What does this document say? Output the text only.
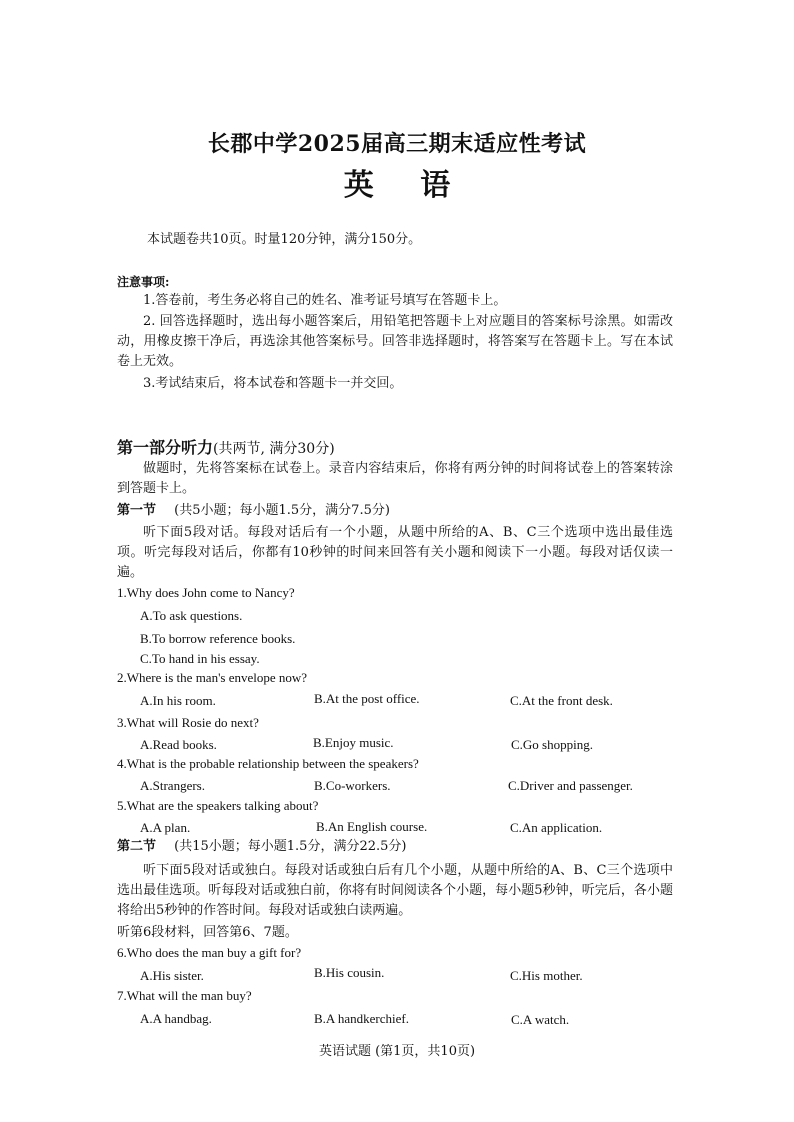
长郡中学2025届高三期末适应性考试
英 语
本试题卷共10页。时量120分钟，满分150分。
注意事项:
1.答卷前，考生务必将自己的姓名、准考证号填写在答题卡上。
2. 回答选择题时，选出每小题答案后，用铅笔把答题卡上对应题目的答案标号涂黑。如需改动，用橡皮擦干净后，再选涂其他答案标号。回答非选择题时，将答案写在答题卡上。写在本试卷上无效。
3.考试结束后，将本试卷和答题卡一并交回。
第一部分听力(共两节, 满分30分)
做题时，先将答案标在试卷上。录音内容结束后，你将有两分钟的时间将试卷上的答案转涂到答题卡上。
第一节 (共5小题；每小题1.5分，满分7.5分)
听下面5段对话。每段对话后有一个小题，从题中所给的A、B、C三个选项中选出最佳选项。听完每段对话后，你都有10秒钟的时间来回答有关小题和阅读下一小题。每段对话仅读一遍。
1.Why does John come to Nancy?
A.To ask questions.
B.To borrow reference books.
C.To hand in his essay.
2.Where is the man's envelope now?
A.In his room.	B.At the post office.	C.At the front desk.
3.What will Rosie do next?
A.Read books.	B.Enjoy music.	C.Go shopping.
4.What is the probable relationship between the speakers?
A.Strangers.	B.Co-workers.	C.Driver and passenger.
5.What are the speakers talking about?
A.A plan.	B.An English course.	C.An application.
第二节 (共15小题；每小题1.5分，满分22.5分)
听下面5段对话或独白。每段对话或独白后有几个小题，从题中所给的A、B、C三个选项中选出最佳选项。听每段对话或独白前，你将有时间阅读各个小题，每小题5秒钟，听完后，各小题将给出5秒钟的作答时间。每段对话或独白读两遍。
听第6段材料，回答第6、7题。
6.Who does the man buy a gift for?
A.His sister.	B.His cousin.	C.His mother.
7.What will the man buy?
A.A handbag.	B.A handkerchief.	C.A watch.
英语试题 (第1页，共10页)
